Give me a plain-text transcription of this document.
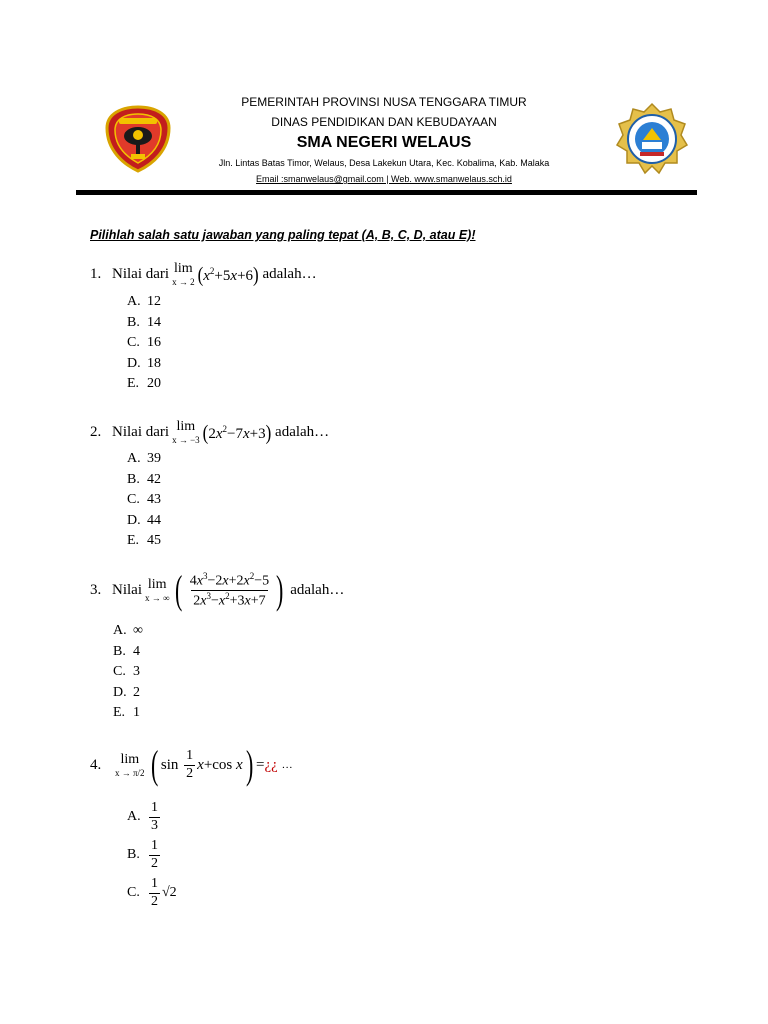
PEMERINTAH PROVINSI NUSA TENGGARA TIMUR
DINAS PENDIDIKAN DAN KEBUDAYAAN
SMA NEGERI WELAUS
Jln. Lintas Batas Timor, Welaus, Desa Lakekun Utara, Kec. Kobalima, Kab. Malaka
Email :smanwelaus@gmail.com | Web. www.smanwelaus.sch.id
Pilihlah salah satu jawaban yang paling tepat (A, B, C, D, atau E)!
1. Nilai dari lim
x → 2 $(x^2+5x+6)$
adalah…
A. 12
B. 14
C. 16
D. 18
E. 20
2. Nilai dari lim
x → −3 $(2x^2-7x+3)$
adalah…
A. 39
B. 42
C. 43
D. 44
E. 45
3. Nilai lim
x → ∞ ( $\frac{4x^3-2x+2x^2-5}{2x^3-x^2+3x+7}$ )
adalah…
A. ∞
B. 4
C. 3
D. 2
E. 1
4.	lim
x → π/2 ( $\sin \frac{1}{2}$ x +cos x ) = ¿¿
…
A. $\frac{1}{3}$
B. $\frac{1}{2}$
C. $\frac{1}{2} √2$
